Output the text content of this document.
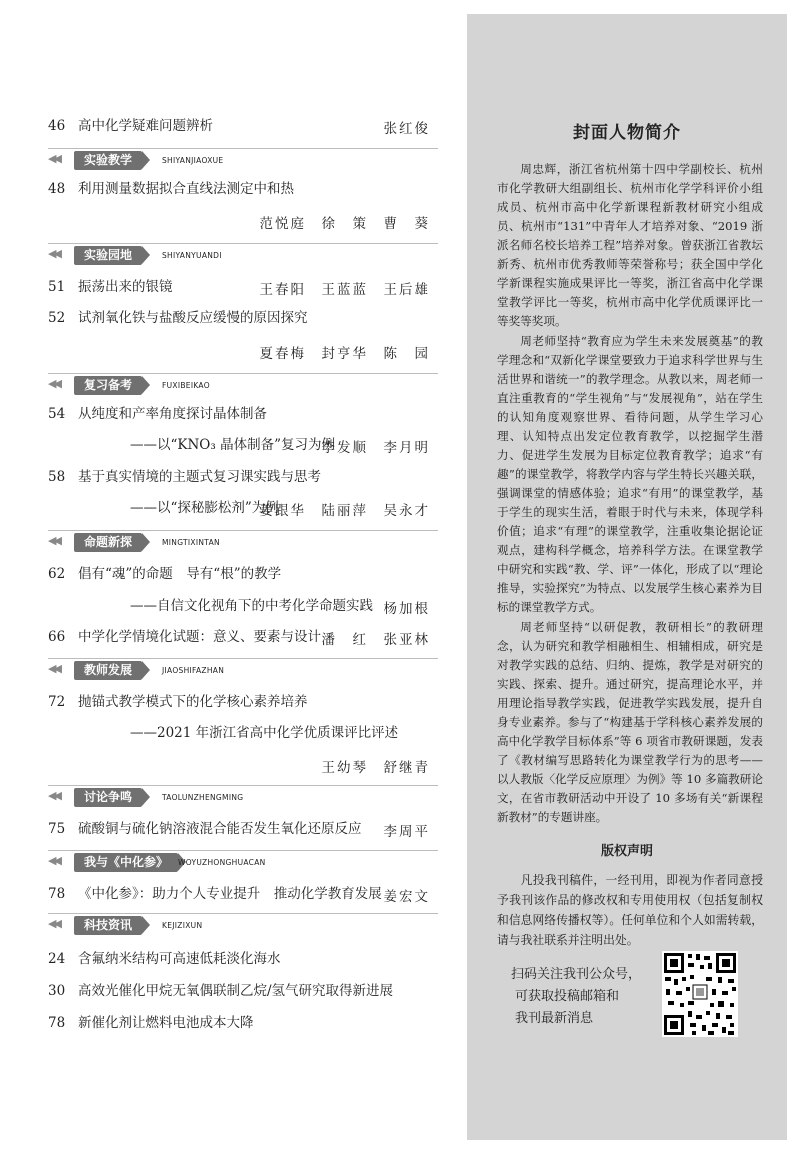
46 高中化学疑难问题辨析	张红俊
◀◀	实验教学	SHIYANJIAOXUE
48 利用测量数据拟合直线法测定中和热
范悦庭　徐　策　曹　葵
◀◀	实验园地	SHIYANYUANDI
51 振荡出来的银镜	王春阳　王蓝蓝　王后雄
52 试剂氧化铁与盐酸反应缓慢的原因探究
夏春梅　封亨华　陈　园
◀◀	复习备考	FUXIBEIKAO
54 从纯度和产率角度探讨晶体制备
——以“KNO₃ 晶体制备”复习为例
李发顺　李月明
58 基于真实情境的主题式复习课实践与思考
——以“探秘膨松剂”为例
姜跟华　陆丽萍　吴永才
◀◀	命题新探	MINGTIXINTAN
62 倡有“魂”的命题　导有“根”的教学
——自信文化视角下的中考化学命题实践 杨加根
66 中学化学情境化试题：意义、要素与设计 潘　红　张亚林
◀◀	教师发展	JIAOSHIFAZHAN
72 抛锚式教学模式下的化学核心素养培养
——2021 年浙江省高中化学优质课评比评述
王幼琴　舒继青
◀◀	讨论争鸣	TAOLUNZHENGMING
75 硫酸铜与硫化钠溶液混合能否发生氧化还原反应	李周平
◀◀	我与《中化参》	WOYUZHONGHUACAN
78 《中化参》：助力个人专业提升　推动化学教育发展 姜宏文
◀◀	科技资讯	KEJIZIXUN
24 含氟纳米结构可高速低耗淡化海水
30 高效光催化甲烷无氧偶联制乙烷/氢气研究取得新进展
78 新催化剂让燃料电池成本大降
封面人物简介
周忠辉，浙江省杭州第十四中学副校长、杭州市化学教研大组副组长、杭州市化学学科评价小组成员、杭州市高中化学新课程新教材研究小组成员、杭州市“131”中青年人才培养对象、“2019 浙派名师名校长培养工程”培养对象。曾获浙江省教坛新秀、杭州市优秀教师等荣誉称号；获全国中学化学新课程实施成果评比一等奖，浙江省高中化学课堂教学评比一等奖，杭州市高中化学优质课评比一等奖等奖项。
周老师坚持“教育应为学生未来发展奠基”的教学理念和“双新化学课堂要致力于追求科学世界与生活世界和谐统一”的教学理念。从教以来，周老师一直注重教育的“学生视角”与“发展视角”，站在学生的认知角度观察世界、看待问题，从学生学习心理、认知特点出发定位教育教学，以挖掘学生潜力、促进学生发展为目标定位教育教学；追求“有趣”的课堂教学，将教学内容与学生特长兴趣关联，强调课堂的情感体验；追求“有用”的课堂教学，基于学生的现实生活，着眼于时代与未来，体现学科价值；追求“有理”的课堂教学，注重收集论据论证观点，建构科学概念，培养科学方法。在课堂教学中研究和实践“教、学、评”一体化，形成了以“理论推导，实验探究”为特点、以发展学生核心素养为目标的课堂教学方式。
周老师坚持“以研促教，教研相长”的教研理念，认为研究和教学相融相生、相辅相成，研究是对教学实践的总结、归纳、提炼，教学是对研究的实践、探索、提升。通过研究，提高理论水平，并用理论指导教学实践，促进教学实践发展，提升自身专业素养。参与了“构建基于学科核心素养发展的高中化学教学目标体系”等 6 项省市教研课题，发表了《教材编写思路转化为课堂教学行为的思考——以人教版〈化学反应原理〉为例》等 10 多篇教研论文，在省市教研活动中开设了 10 多场有关“新课程新教材”的专题讲座。
版权声明
凡投我刊稿件，一经刊用，即视为作者同意授予我刊该作品的修改权和专用使用权（包括复制权和信息网络传播权等）。任何单位和个人如需转载，请与我社联系并注明出处。
扫码关注我刊公众号，
可获取投稿邮箱和
我刊最新消息
